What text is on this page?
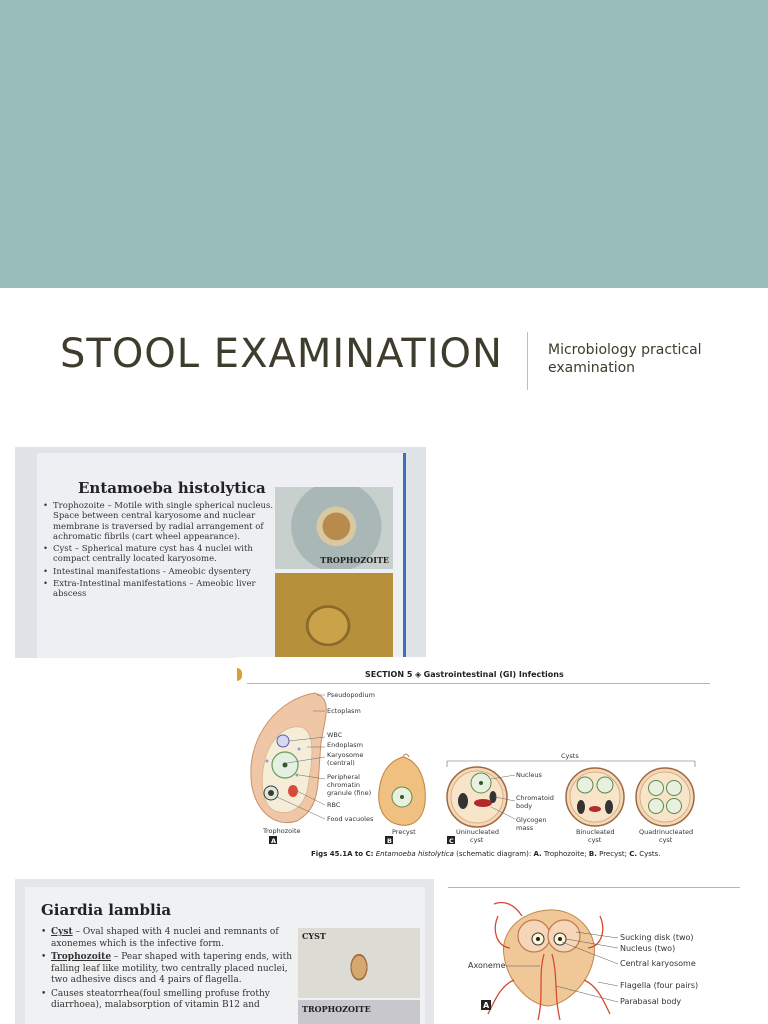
STOOL EXAMINATION	Microbiology practical examination
Entamoeba histolytica
• Trophozoite – Motile with single spherical nucleus. Space between central karyosome and nuclear membrane is traversed by radial arrangement of achromatic fibrils (cart wheel appearance).
• Cyst – Spherical mature cyst has 4 nuclei with compact centrally located karyosome.
• Intestinal manifestations - Ameobic dysentery
• Extra-Intestinal manifestations – Ameobic liver abscess
TROPHOZOITE
SECTION 5 ◈ Gastrointestinal (GI) Infections
Pseudopodium
Ectoplasm
WBC
Endoplasm
Karyosome
(central)
Peripheral
chromatin
granule (fine)
RBC
Food vacuoles
Cysts
Nucleus
Chromatoid
body
Glycogen
mass
Trophozoite
A
Precyst
B
Uninucleated
cyst
C
Binucleated
cyst
Quadrinucleated
cyst
Figs 45.1A to C: Entamoeba histolytica (schematic diagram): A. Trophozoite; B. Precyst; C. Cysts.
Giardia lamblia
• Cyst – Oval shaped with 4 nuclei and remnants of axonemes which is the infective form.
• Trophozoite – Pear shaped with tapering ends, with falling leaf like motility, two centrally placed nuclei, two adhesive discs and 4 pairs of flagella.
• Causes steatorrhea(foul smelling profuse frothy diarrhoea), malabsorption of vitamin B12 and
CYST
TROPHOZOITE	A
Sucking disk (two)
Nucleus (two)
Central karyosome
Axoneme
Flagella (four pairs)
Parabasal body
